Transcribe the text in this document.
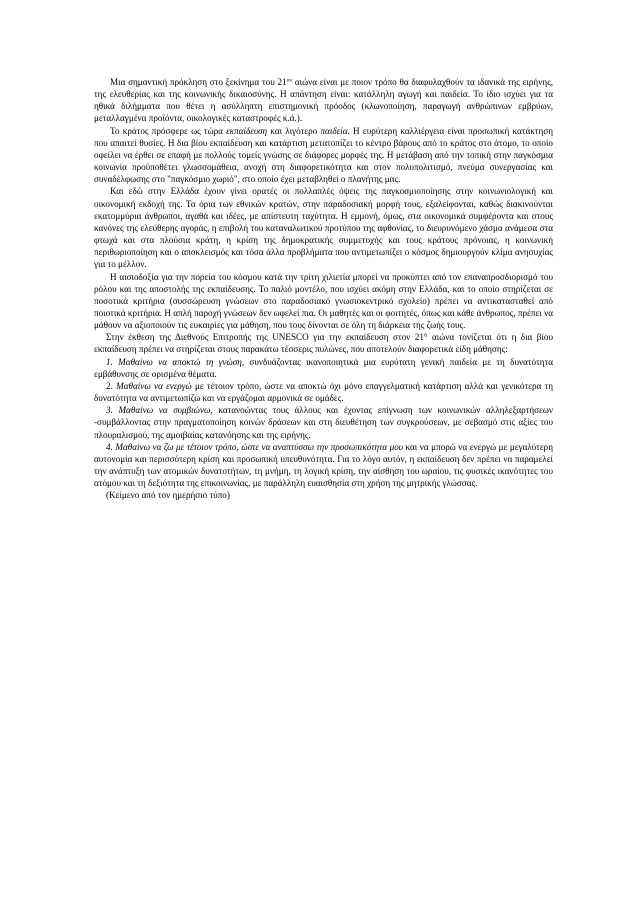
Μια σημαντική πρόκληση στο ξεκίνημα του $21^{o\upsilon}$ αιώνα είναι με ποιον τρόπο θα διαφυλαχθούν τα ιδανικά της ειρήνης, της ελευθερίας και της κοινωνικής δικαιοσύνης. Η απάντηση είναι: κατάλληλη αγωγή και παιδεία. Το ίδιο ισχύει για τα ηθικά διλήμματα που θέτει η ασύλληπτη επιστημονική πρόοδος (κλωνοποίηση, παραγωγή ανθρώπινων εμβρύων, μεταλλαγμένα προϊόντα, οικολογικές καταστροφές κ.ά.).

Το κράτος πρόσφερε ως τώρα εκπαίδευση και λιγότερο παιδεία. Η ευρύτερη καλλιέργεια είναι προσωπική κατάκτηση που απαιτεί θυσίες. Η δια βίου εκπαίδευση και κατάρτιση μετατοπίζει το κέντρο βάρους από το κράτος στο άτομο, το οποίο οφείλει να έρθει σε επαφή με πολλούς τομείς γνώσης σε διάφορες μορφές της. Η μετάβαση από την τοπική στην παγκόσμια κοινωνία προϋποθέτει γλωσσομάθεια, ανοχή στη διαφορετικότητα και στον πολυπολιτισμό, πνεύμα συνεργασίας και συναδέλφωσης στο "παγκόσμιο χωριό", στο οποίο έχει μεταβληθεί ο πλανήτης μας.

Και εδώ στην Ελλάδα έχουν γίνει ορατές οι πολλαπλές όψεις της παγκοσμιοποίησης στην κοινωνιολογική και οικονομική εκδοχή της. Τα όρια των εθνικών κρατών, στην παραδοσιακή μορφή τους, εξαλείφονται, καθώς διακινούνται εκατομμύρια άνθρωποι, αγαθά και ιδέες, με απίστευτη ταχύτητα. Η εμμονή, όμως, στα οικονομικά συμφέροντα και στους κανόνες της ελεύθερης αγοράς, η επιβολή του καταναλωτικού προτύπου της αφθονίας, το διευρυνόμενο χάσμα ανάμεσα στα φτωχά και στα πλούσια κράτη, η κρίση της δημοκρατικής συμμετοχής και τους κράτους πρόνοιας, η κοινωνική περιθωριοποίηση και ο αποκλεισμός και τόσα άλλα προβλήματα που αντιμετωπίζει ο κόσμος δημιουργούν κλίμα ανησυχίας για το μέλλον.

Η αισιοδοξία για την πορεία του κόσμου κατά την τρίτη χιλιετία μπορεί να προκύπτει από τον επαναπροσδιορισμό του ρόλου και της αποστολής της εκπαίδευσης. Το παλιό μοντέλο, που ισχύει ακόμη στην Ελλάδα, και το οποίο στηρίζεται σε ποσοτικά κριτήρια (συσσώρευση γνώσεων στο παραδοσιακό γνωσιοκεντρικό σχολείο) πρέπει να αντικατασταθεί από ποιοτικά κριτήρια. Η απλή παροχή γνώσεων δεν ωφελεί πια. Οι μαθητές και οι φοιτητές, όπως και κάθε άνθρωπος, πρέπει να μάθουν να αξιοποιούν τις ευκαιρίες για μάθηση, που τους δίνονται σε όλη τη διάρκεια της ζωής τους.

Στην έκθεση της Διεθνούς Επιτροπής της UNESCO για την εκπαίδευση στον 21° αιώνα τονίζεται ότι η δια βίου εκπαίδευση πρέπει να στηρίζεται στους παρακάτω τέσσερις πυλώνες, που αποτελούν διαφορετικά είδη μάθησης:

1. Μαθαίνω να αποκτώ τη γνώση, συνδυάζοντας ικανοποιητικά μια ευρύτατη γενική παιδεία με τη δυνατότητα εμβάθυνσης σε ορισμένα θέματα.

2. Μαθαίνω να ενεργώ με τέτοιον τρόπο, ώστε να αποκτώ όχι μόνο επαγγελματική κατάρτιση αλλά και γενικότερα τη δυνατότητα να αντιμετωπίζω και να εργάζομαι αρμονικά σε ομάδες.

3. Μαθαίνω να συμβιώνω, κατανοώντας τους άλλους και έχοντας επίγνωση των κοινωνικών αλληλεξαρτήσεων -συμβάλλοντας στην πραγματοποίηση κοινών δράσεων και στη διευθέτηση των συγκρούσεων, με σεβασμό στις αξίες του πλουραλισμού, της αμοιβαίας κατανόησης και της ειρήνης.

4. Μαθαίνω να ζω με τέτοιον τρόπο, ώστε να αναπτύσσω την προσωπικότητα μου και να μπορώ να ενεργώ με μεγαλύτερη αυτονομία και περισσότερη κρίση και προσωπική υπευθυνότητα. Για το λόγο αυτόν, η εκπαίδευση δεν πρέπει να παραμελεί την ανάπτυξη των ατομικών δυνατοτήτων, τη μνήμη, τη λογική κρίση, την αίσθηση του ωραίου, τις φυσικές ικανότητες του ατόμου και τη δεξιότητα της επικοινωνίας, με παράλληλη ευαισθησία στη χρήση της μητρικής γλώσσας.

(Κείμενο από τον ημερήσιο τύπο)
